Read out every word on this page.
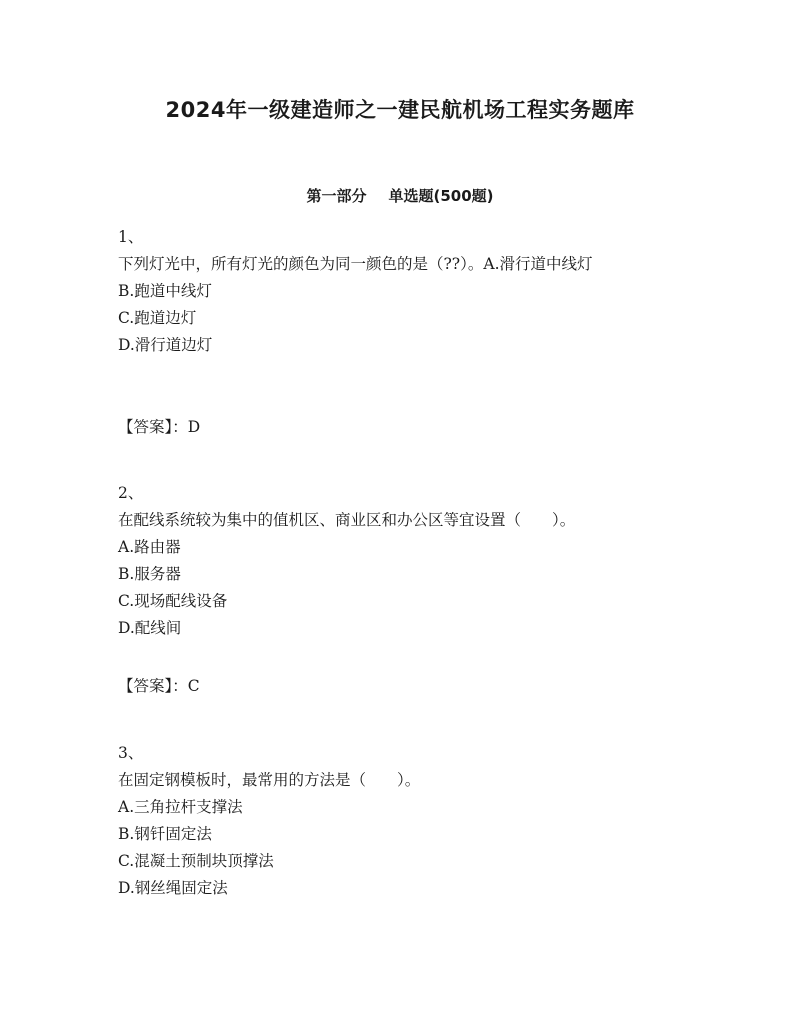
2024年一级建造师之一建民航机场工程实务题库
第一部分 单选题(500题)

1、

下列灯光中，所有灯光的颜色为同一颜色的是（??）。A.滑行道中线灯

B.跑道中线灯

C.跑道边灯

D.滑行道边灯

【答案】：D

2、

在配线系统较为集中的值机区、商业区和办公区等宜设置（　　）。

A.路由器

B.服务器

C.现场配线设备

D.配线间

【答案】：C

3、

在固定钢模板时，最常用的方法是（　　）。

A.三角拉杆支撑法

B.钢钎固定法

C.混凝土预制块顶撑法

D.钢丝绳固定法
